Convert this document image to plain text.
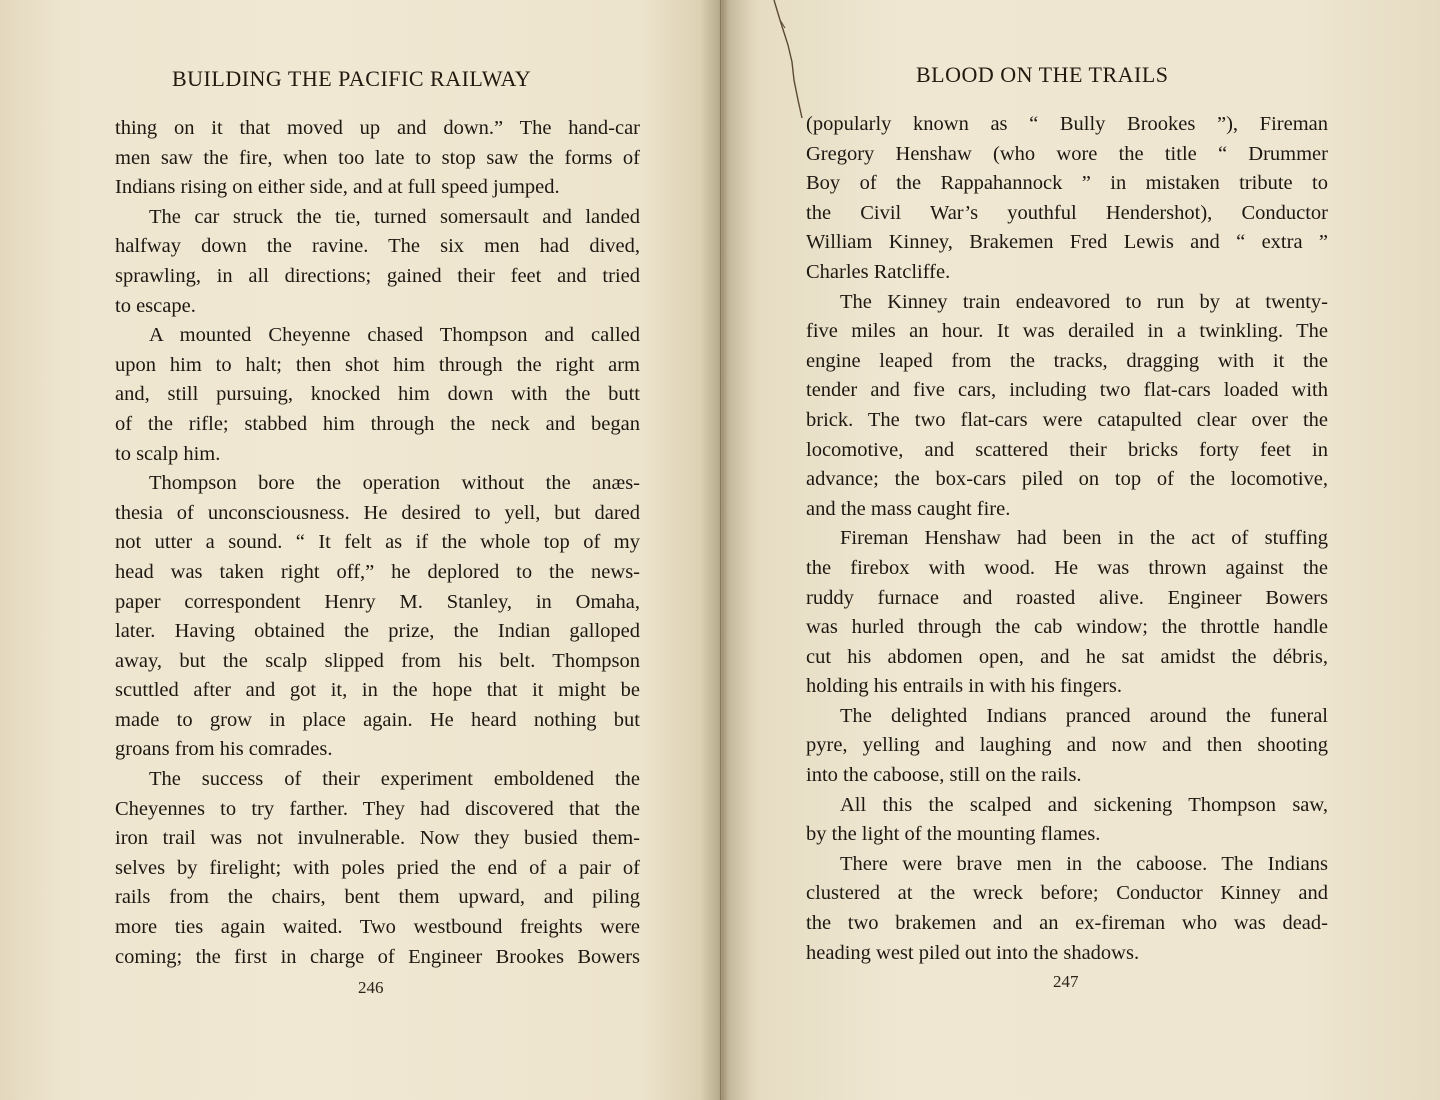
BUILDING THE PACIFIC RAILWAY
thing on it that moved up and down.” The hand-car
men saw the fire, when too late to stop saw the forms of
Indians rising on either side, and at full speed jumped.
The car struck the tie, turned somersault and landed
halfway down the ravine. The six men had dived,
sprawling, in all directions; gained their feet and tried
to escape.
A mounted Cheyenne chased Thompson and called
upon him to halt; then shot him through the right arm
and, still pursuing, knocked him down with the butt
of the rifle; stabbed him through the neck and began
to scalp him.
Thompson bore the operation without the anæs-
thesia of unconsciousness. He desired to yell, but dared
not utter a sound. “ It felt as if the whole top of my
head was taken right off,” he deplored to the news-
paper correspondent Henry M. Stanley, in Omaha,
later. Having obtained the prize, the Indian galloped
away, but the scalp slipped from his belt. Thompson
scuttled after and got it, in the hope that it might be
made to grow in place again. He heard nothing but
groans from his comrades.
The success of their experiment emboldened the
Cheyennes to try farther. They had discovered that the
iron trail was not invulnerable. Now they busied them-
selves by firelight; with poles pried the end of a pair of
rails from the chairs, bent them upward, and piling
more ties again waited. Two westbound freights were
coming; the first in charge of Engineer Brookes Bowers
246
BLOOD ON THE TRAILS
(popularly known as “ Bully Brookes ”), Fireman
Gregory Henshaw (who wore the title “ Drummer
Boy of the Rappahannock ” in mistaken tribute to
the Civil War’s youthful Hendershot), Conductor
William Kinney, Brakemen Fred Lewis and “ extra ”
Charles Ratcliffe.
The Kinney train endeavored to run by at twenty-
five miles an hour. It was derailed in a twinkling. The
engine leaped from the tracks, dragging with it the
tender and five cars, including two flat-cars loaded with
brick. The two flat-cars were catapulted clear over the
locomotive, and scattered their bricks forty feet in
advance; the box-cars piled on top of the locomotive,
and the mass caught fire.
Fireman Henshaw had been in the act of stuffing
the firebox with wood. He was thrown against the
ruddy furnace and roasted alive. Engineer Bowers
was hurled through the cab window; the throttle handle
cut his abdomen open, and he sat amidst the débris,
holding his entrails in with his fingers.
The delighted Indians pranced around the funeral
pyre, yelling and laughing and now and then shooting
into the caboose, still on the rails.
All this the scalped and sickening Thompson saw,
by the light of the mounting flames.
There were brave men in the caboose. The Indians
clustered at the wreck before; Conductor Kinney and
the two brakemen and an ex-fireman who was dead-
heading west piled out into the shadows.
247
